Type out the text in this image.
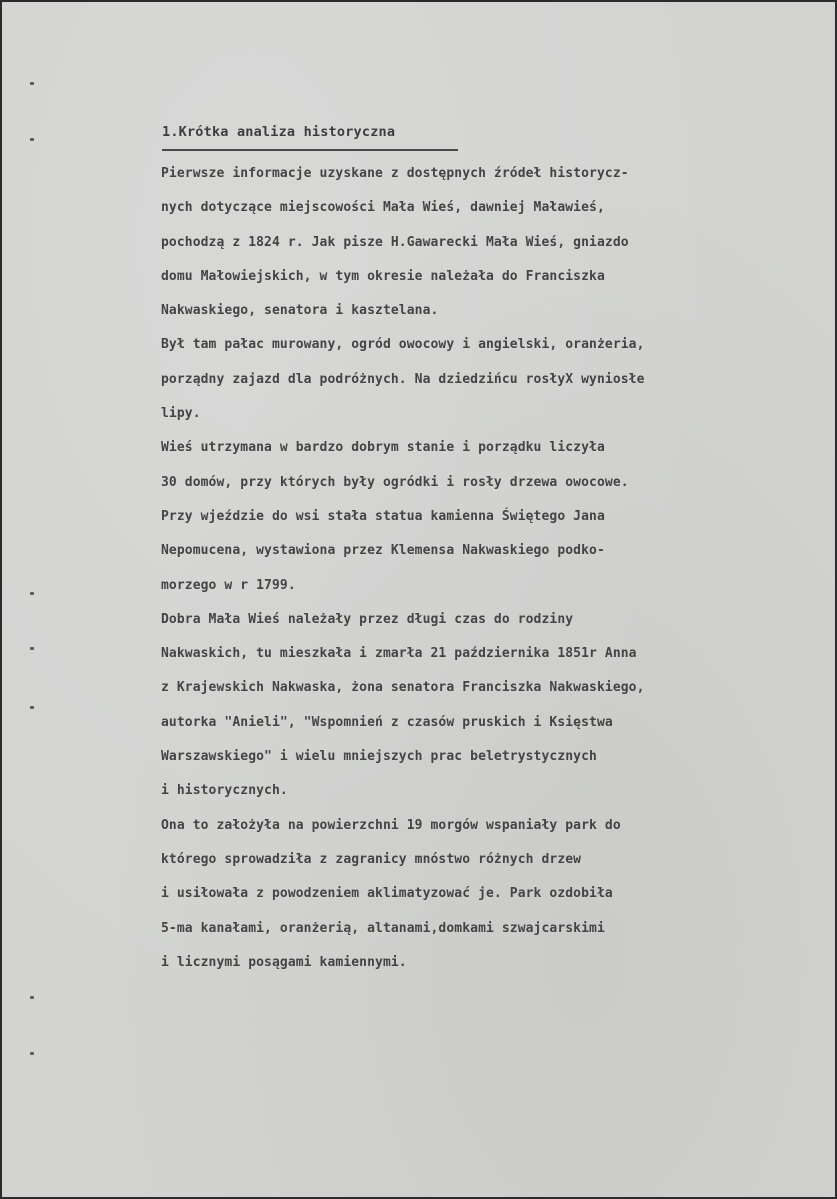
1.Krótka analiza historyczna
Pierwsze informacje uzyskane z dostępnych źródeł historycz-
nych dotyczące miejscowości Mała Wieś, dawniej Maławieś,
pochodzą z 1824 r. Jak pisze H.Gawarecki Mała Wieś, gniazdo
domu Małowiejskich, w tym okresie należała do Franciszka
Nakwaskiego, senatora i kasztelana.
Był tam pałac murowany, ogród owocowy i angielski, oranżeria,
porządny zajazd dla podróżnych. Na dziedzińcu rosłyX wyniosłe
lipy.
Wieś utrzymana w bardzo dobrym stanie i porządku liczyła
30 domów, przy których były ogródki i rosły drzewa owocowe.
Przy wjeździe do wsi stała statua kamienna Świętego Jana
Nepomucena, wystawiona przez Klemensa Nakwaskiego podko-
morzego w r 1799.
Dobra Mała Wieś należały przez długi czas do rodziny
Nakwaskich, tu mieszkała i zmarła 21 października 1851r Anna
z Krajewskich Nakwaska, żona senatora Franciszka Nakwaskiego,
autorka "Anieli", "Wspomnień z czasów pruskich i Księstwa
Warszawskiego" i wielu mniejszych prac beletrystycznych
i historycznych.
Ona to założyła na powierzchni 19 morgów wspaniały park do
którego sprowadziła z zagranicy mnóstwo różnych drzew
i usiłowała z powodzeniem aklimatyzować je. Park ozdobiła
5-ma kanałami, oranżerią, altanami,domkami szwajcarskimi
i licznymi posągami kamiennymi.
